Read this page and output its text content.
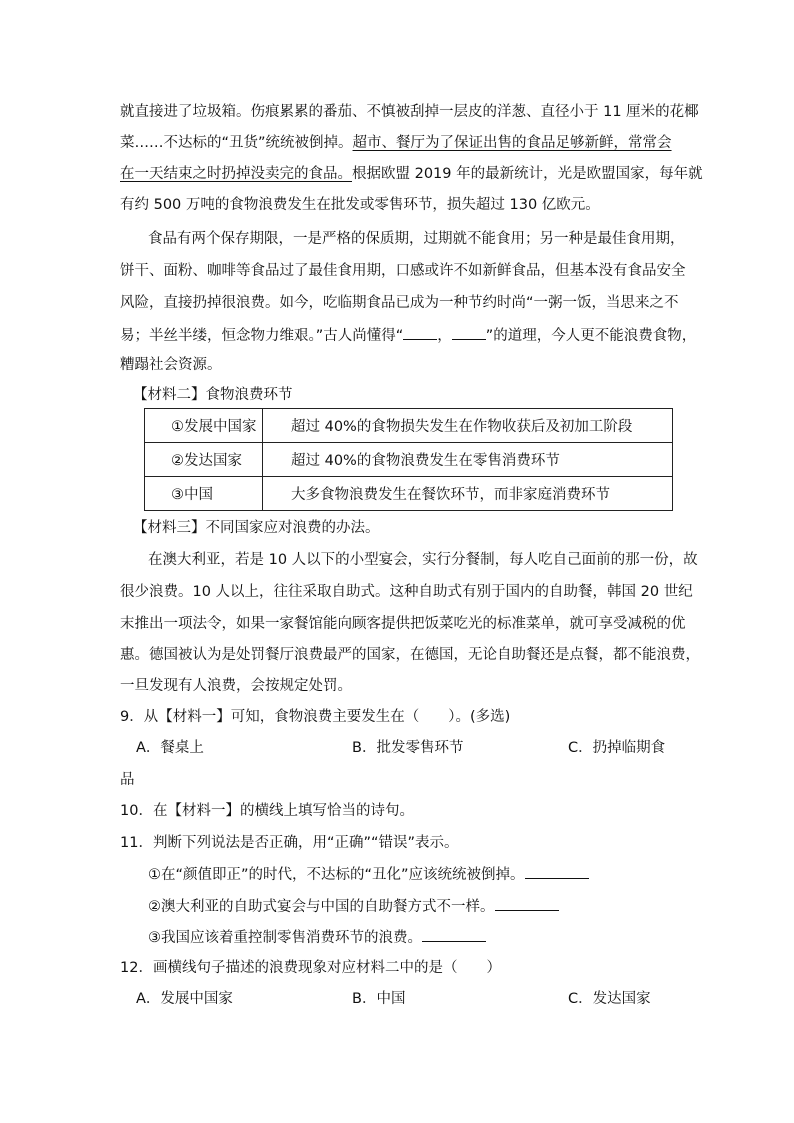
就直接进了垃圾箱。伤痕累累的番茄、不慎被刮掉一层皮的洋葱、直径小于 11 厘米的花椰
菜……不达标的“丑货”统统被倒掉。超市、餐厅为了保证出售的食品足够新鲜，常常会
在一天结束之时扔掉没卖完的食品。根据欧盟 2019 年的最新统计，光是欧盟国家，每年就
有约 500 万吨的食物浪费发生在批发或零售环节，损失超过 130 亿欧元。
食品有两个保存期限，一是严格的保质期，过期就不能食用；另一种是最佳食用期，
饼干、面粉、咖啡等食品过了最佳食用期，口感或许不如新鲜食品，但基本没有食品安全
风险，直接扔掉很浪费。如今，吃临期食品已成为一种节约时尚“一粥一饭，当思来之不
易；半丝半缕，恒念物力维艰。”古人尚懂得“ ， ”的道理，今人更不能浪费食物，
糟蹋社会资源。
【材料二】食物浪费环节
①发展中国家	超过 40%的食物损失发生在作物收获后及初加工阶段
②发达国家	超过 40%的食物浪费发生在零售消费环节
③中国	大多食物浪费发生在餐饮环节，而非家庭消费环节
【材料三】不同国家应对浪费的办法。
在澳大利亚，若是 10 人以下的小型宴会，实行分餐制，每人吃自己面前的那一份，故
很少浪费。10 人以上，往往采取自助式。这种自助式有别于国内的自助餐，韩国 20 世纪
末推出一项法令，如果一家餐馆能向顾客提供把饭菜吃光的标准菜单，就可享受减税的优
惠。德国被认为是处罚餐厅浪费最严的国家，在德国，无论自助餐还是点餐，都不能浪费，
一旦发现有人浪费，会按规定处罚。
9．从【材料一】可知，食物浪费主要发生在（　　）。(多选)
A．餐桌上	B．批发零售环节	C．扔掉临期食
品
10．在【材料一】的横线上填写恰当的诗句。
11．判断下列说法是否正确，用“正确”“错误”表示。
①在“颜值即正”的时代，不达标的“丑化”应该统统被倒掉。
②澳大利亚的自助式宴会与中国的自助餐方式不一样。
③我国应该着重控制零售消费环节的浪费。
12．画横线句子描述的浪费现象对应材料二中的是（　　）
A．发展中国家	B．中国	C．发达国家
